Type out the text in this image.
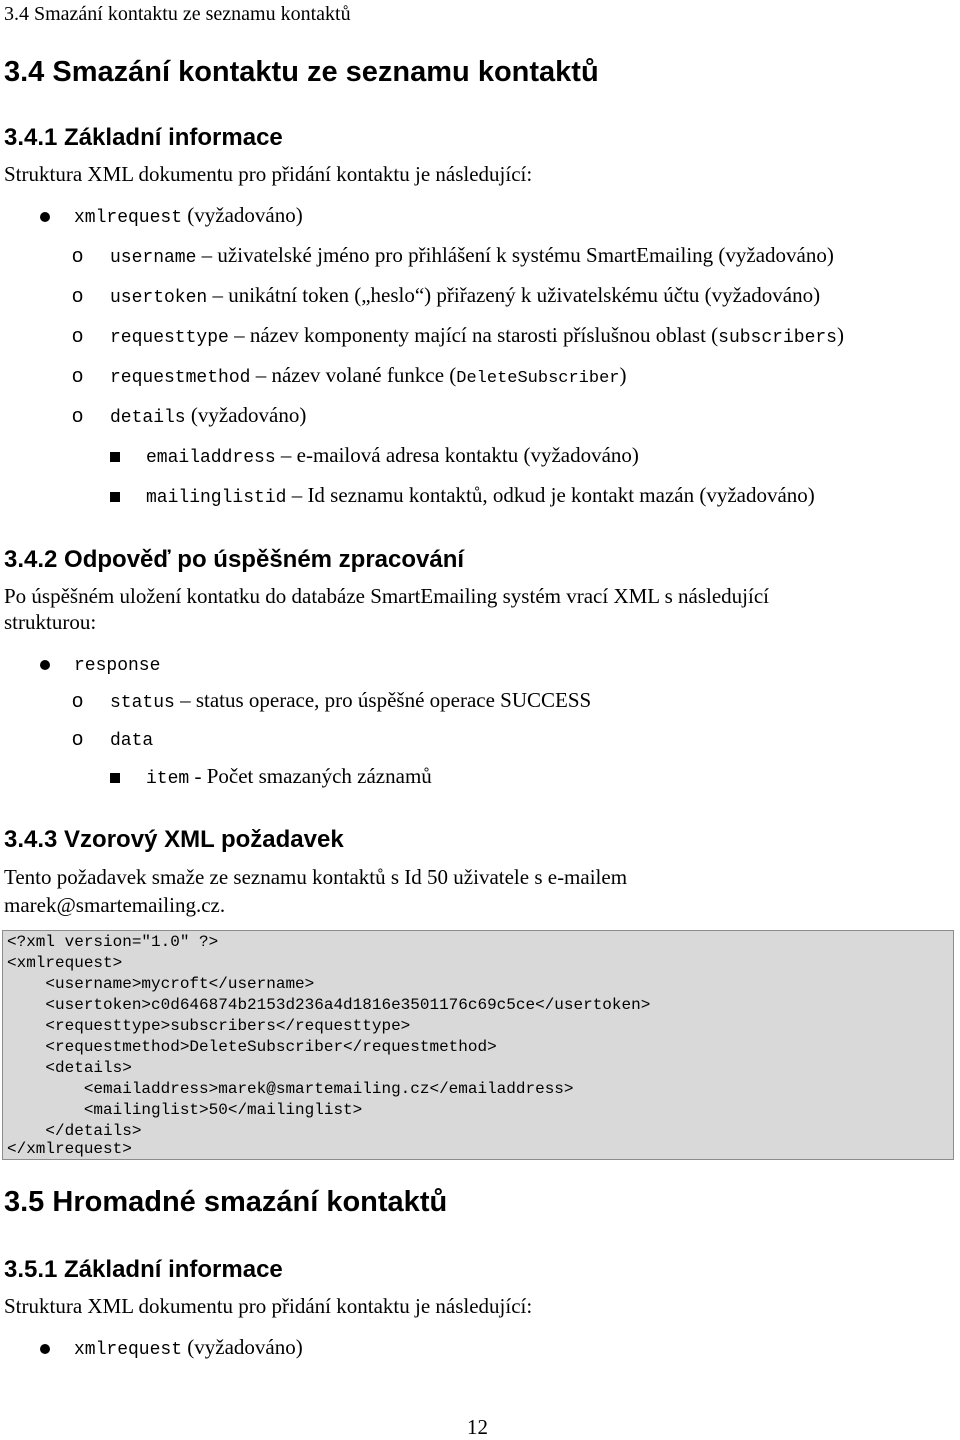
3.4 Smazání kontaktu ze seznamu kontaktů
3.4 Smazání kontaktu ze seznamu kontaktů
3.4.1 Základní informace
Struktura XML dokumentu pro přidání kontaktu je následující:
xmlrequest (vyžadováno)
o username – uživatelské jméno pro přihlášení k systému SmartEmailing (vyžadováno)
o usertoken – unikátní token („heslo“) přiřazený k uživatelskému účtu (vyžadováno)
o requesttype – název komponenty mající na starosti příslušnou oblast (subscribers)
o requestmethod – název volané funkce (DeleteSubscriber)
o details (vyžadováno)
emailaddress – e-mailová adresa kontaktu (vyžadováno)
mailinglistid – Id seznamu kontaktů, odkud je kontakt mazán (vyžadováno)
3.4.2 Odpověď po úspěšném zpracování
Po úspěšném uložení kontatku do databáze SmartEmailing systém vrací XML s následující
strukturou:
response
o status – status operace, pro úspěšné operace SUCCESS
o data
item - Počet smazaných záznamů
3.4.3 Vzorový XML požadavek
Tento požadavek smaže ze seznamu kontaktů s Id 50 uživatele s e-mailem
marek@smartemailing.cz.
<?xml version="1.0" ?>
<xmlrequest>
<username>mycroft</username>
<usertoken>c0d646874b2153d236a4d1816e3501176c69c5ce</usertoken>
<requesttype>subscribers</requesttype>
<requestmethod>DeleteSubscriber</requestmethod>
<details>
<emailaddress>marek@smartemailing.cz</emailaddress>
<mailinglist>50</mailinglist>
</details>
</xmlrequest>
3.5 Hromadné smazání kontaktů
3.5.1 Základní informace
Struktura XML dokumentu pro přidání kontaktu je následující:
xmlrequest (vyžadováno)
12
